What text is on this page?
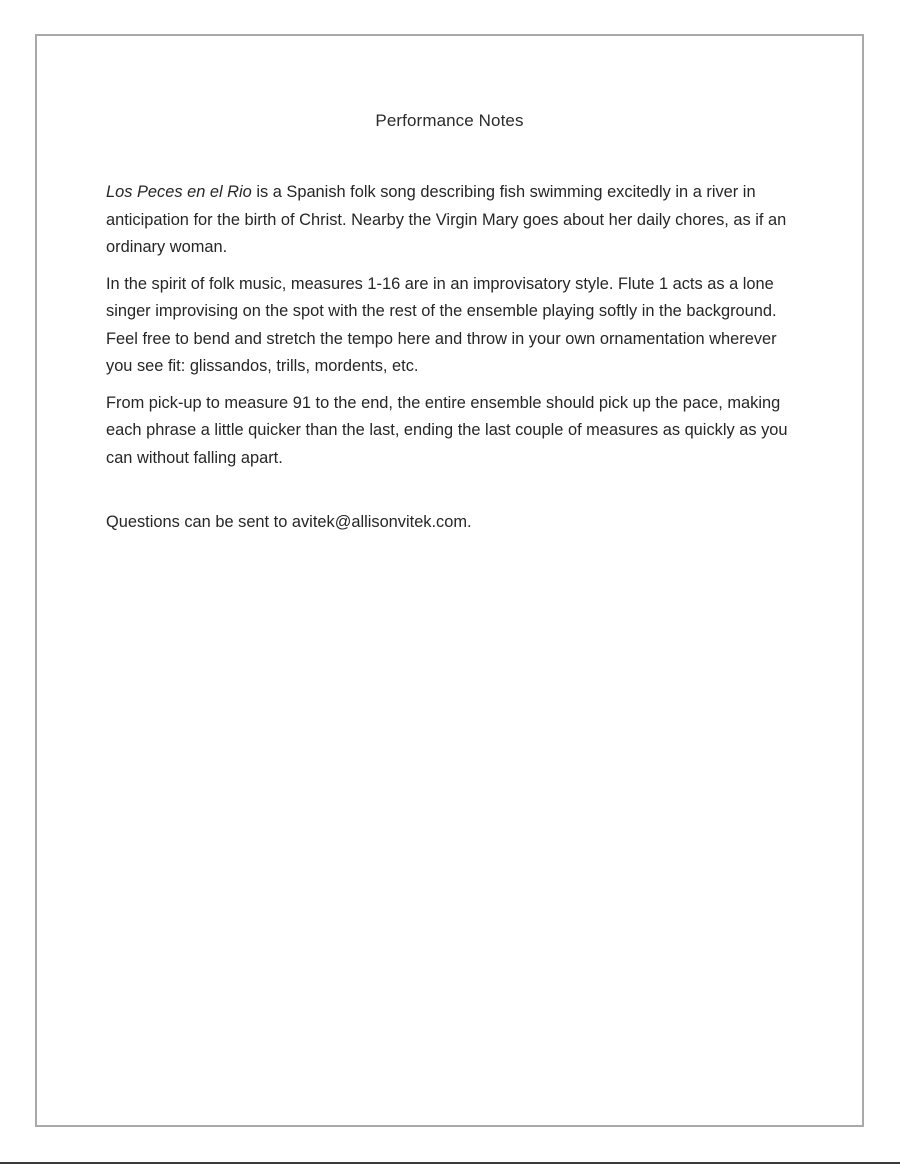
Performance Notes

Los Peces en el Rio is a Spanish folk song describing fish swimming excitedly in a river in anticipation for the birth of Christ. Nearby the Virgin Mary goes about her daily chores, as if an ordinary woman.

In the spirit of folk music, measures 1-16 are in an improvisatory style. Flute 1 acts as a lone singer improvising on the spot with the rest of the ensemble playing softly in the background. Feel free to bend and stretch the tempo here and throw in your own ornamentation wherever you see fit: glissandos, trills, mordents, etc.

From pick-up to measure 91 to the end, the entire ensemble should pick up the pace, making each phrase a little quicker than the last, ending the last couple of measures as quickly as you can without falling apart.

Questions can be sent to avitek@allisonvitek.com.
